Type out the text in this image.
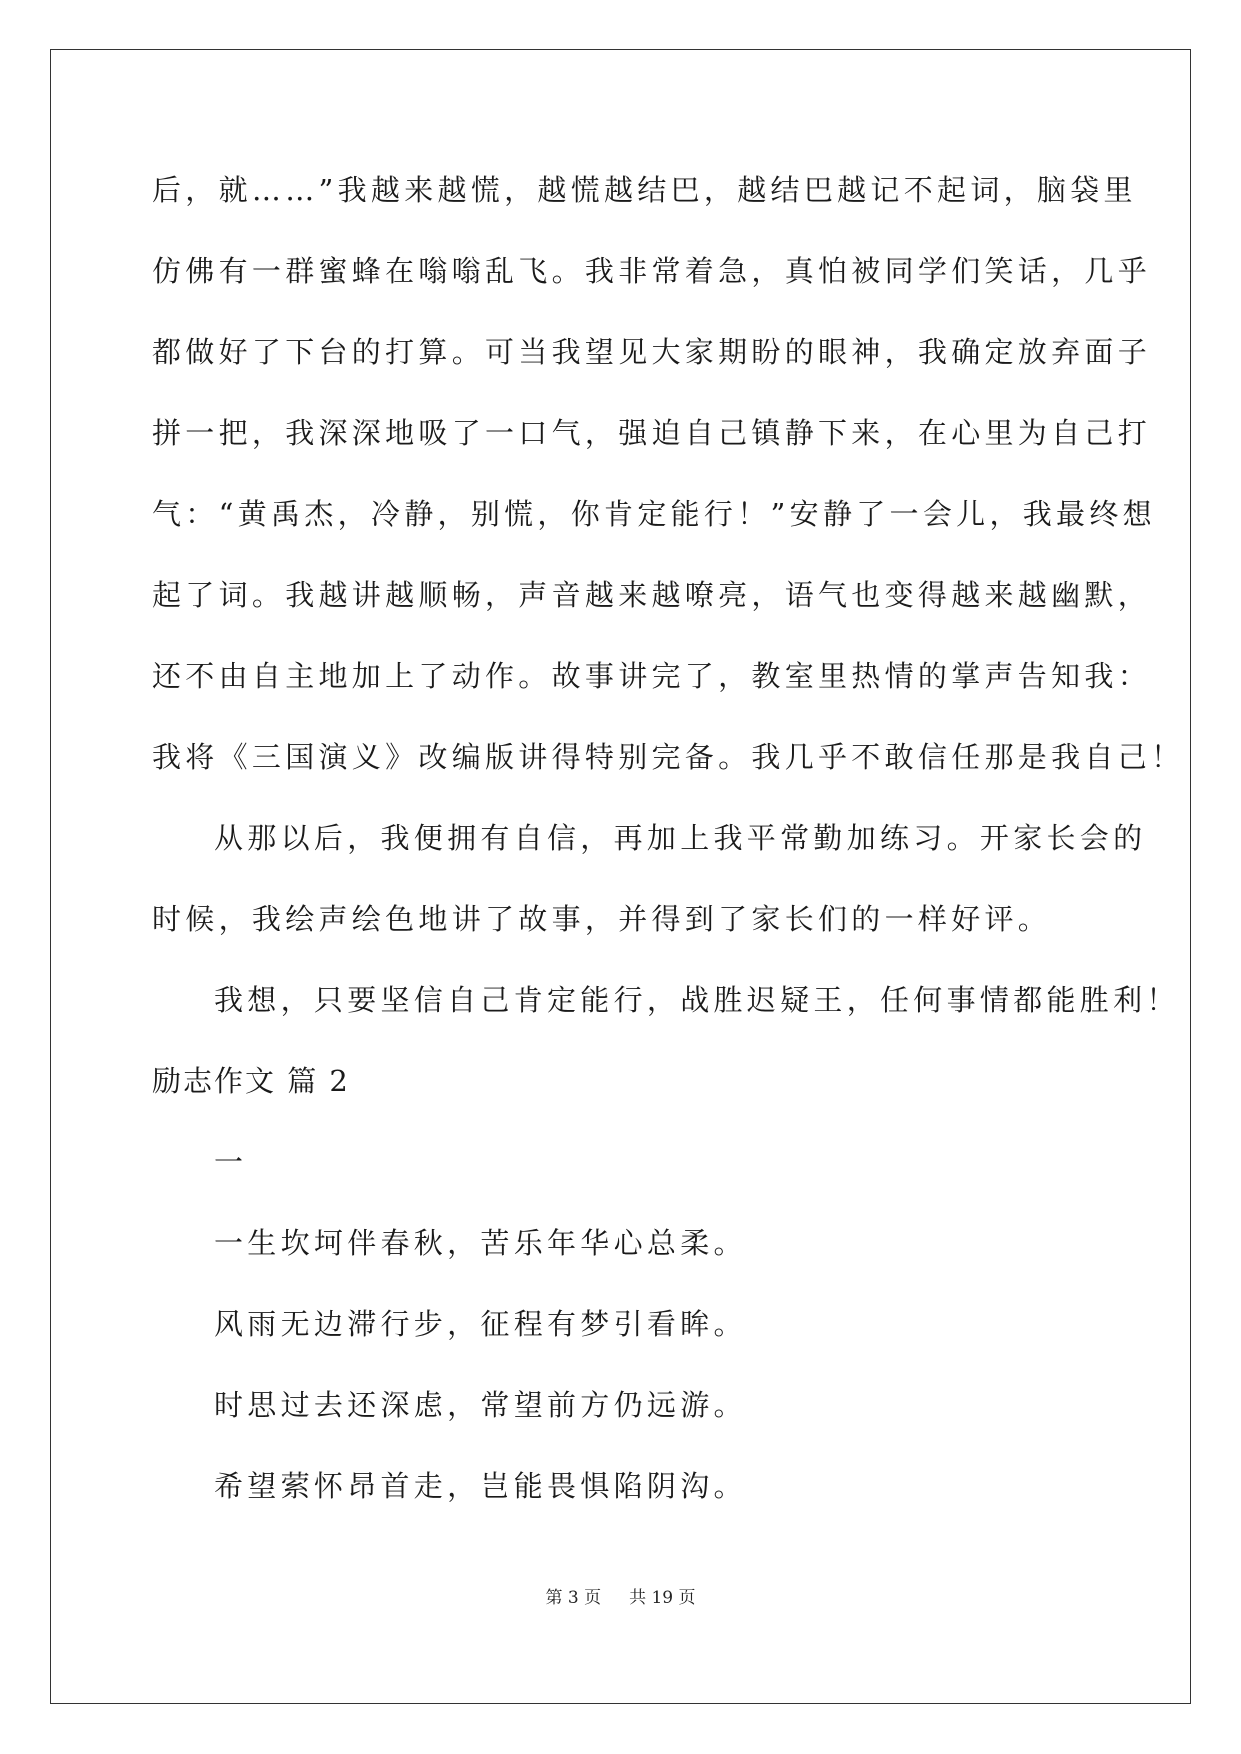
后，就……”我越来越慌，越慌越结巴，越结巴越记不起词，脑袋里
仿佛有一群蜜蜂在嗡嗡乱飞。我非常着急，真怕被同学们笑话，几乎
都做好了下台的打算。可当我望见大家期盼的眼神，我确定放弃面子
拼一把，我深深地吸了一口气，强迫自己镇静下来，在心里为自己打
气：“黄禹杰，冷静，别慌，你肯定能行！”安静了一会儿，我最终想
起了词。我越讲越顺畅，声音越来越嘹亮，语气也变得越来越幽默，
还不由自主地加上了动作。故事讲完了，教室里热情的掌声告知我：
我将《三国演义》改编版讲得特别完备。我几乎不敢信任那是我自己！
从那以后，我便拥有自信，再加上我平常勤加练习。开家长会的
时候，我绘声绘色地讲了故事，并得到了家长们的一样好评。
我想，只要坚信自己肯定能行，战胜迟疑王，任何事情都能胜利！
励志作文 篇 2
一
一生坎坷伴春秋，苦乐年华心总柔。
风雨无边滞行步，征程有梦引看眸。
时思过去还深虑，常望前方仍远游。
希望萦怀昂首走，岂能畏惧陷阴沟。
第 3 页 共 19 页
